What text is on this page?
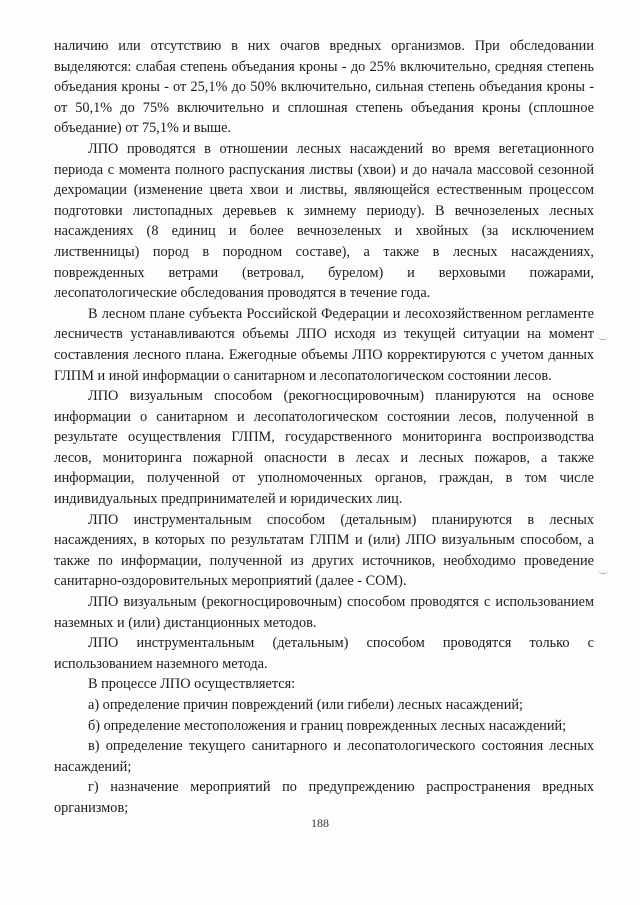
наличию или отсутствию в них очагов вредных организмов. При обследовании выделяются: слабая степень объедания кроны - до 25% включительно, средняя степень объедания кроны - от 25,1% до 50% включительно, сильная степень объедания кроны - от 50,1% до 75% включительно и сплошная степень объедания кроны (сплошное объедание) от 75,1% и выше.

ЛПО проводятся в отношении лесных насаждений во время вегетационного периода с момента полного распускания листвы (хвои) и до начала массовой сезонной дехромации (изменение цвета хвои и листвы, являющейся естественным процессом подготовки листопадных деревьев к зимнему периоду). В вечнозеленых лесных насаждениях (8 единиц и более вечнозеленых и хвойных (за исключением лиственницы) пород в породном составе), а также в лесных насаждениях, поврежденных ветрами (ветровал, бурелом) и верховыми пожарами, лесопатологические обследования проводятся в течение года.

В лесном плане субъекта Российской Федерации и лесохозяйственном регламенте лесничеств устанавливаются объемы ЛПО исходя из текущей ситуации на момент составления лесного плана. Ежегодные объемы ЛПО корректируются с учетом данных ГЛПМ и иной информации о санитарном и лесопатологическом состоянии лесов.

ЛПО визуальным способом (рекогносцировочным) планируются на основе информации о санитарном и лесопатологическом состоянии лесов, полученной в результате осуществления ГЛПМ, государственного мониторинга воспроизводства лесов, мониторинга пожарной опасности в лесах и лесных пожаров, а также информации, полученной от уполномоченных органов, граждан, в том числе индивидуальных предпринимателей и юридических лиц.

ЛПО инструментальным способом (детальным) планируются в лесных насаждениях, в которых по результатам ГЛПМ и (или) ЛПО визуальным способом, а также по информации, полученной из других источников, необходимо проведение санитарно-оздоровительных мероприятий (далее - СОМ).

ЛПО визуальным (рекогносцировочным) способом проводятся с использованием наземных и (или) дистанционных методов.

ЛПО инструментальным (детальным) способом проводятся только с использованием наземного метода.

В процессе ЛПО осуществляется:

а) определение причин повреждений (или гибели) лесных насаждений;

б) определение местоположения и границ поврежденных лесных насаждений;

в) определение текущего санитарного и лесопатологического состояния лесных насаждений;

г) назначение мероприятий по предупреждению распространения вредных организмов;

188
